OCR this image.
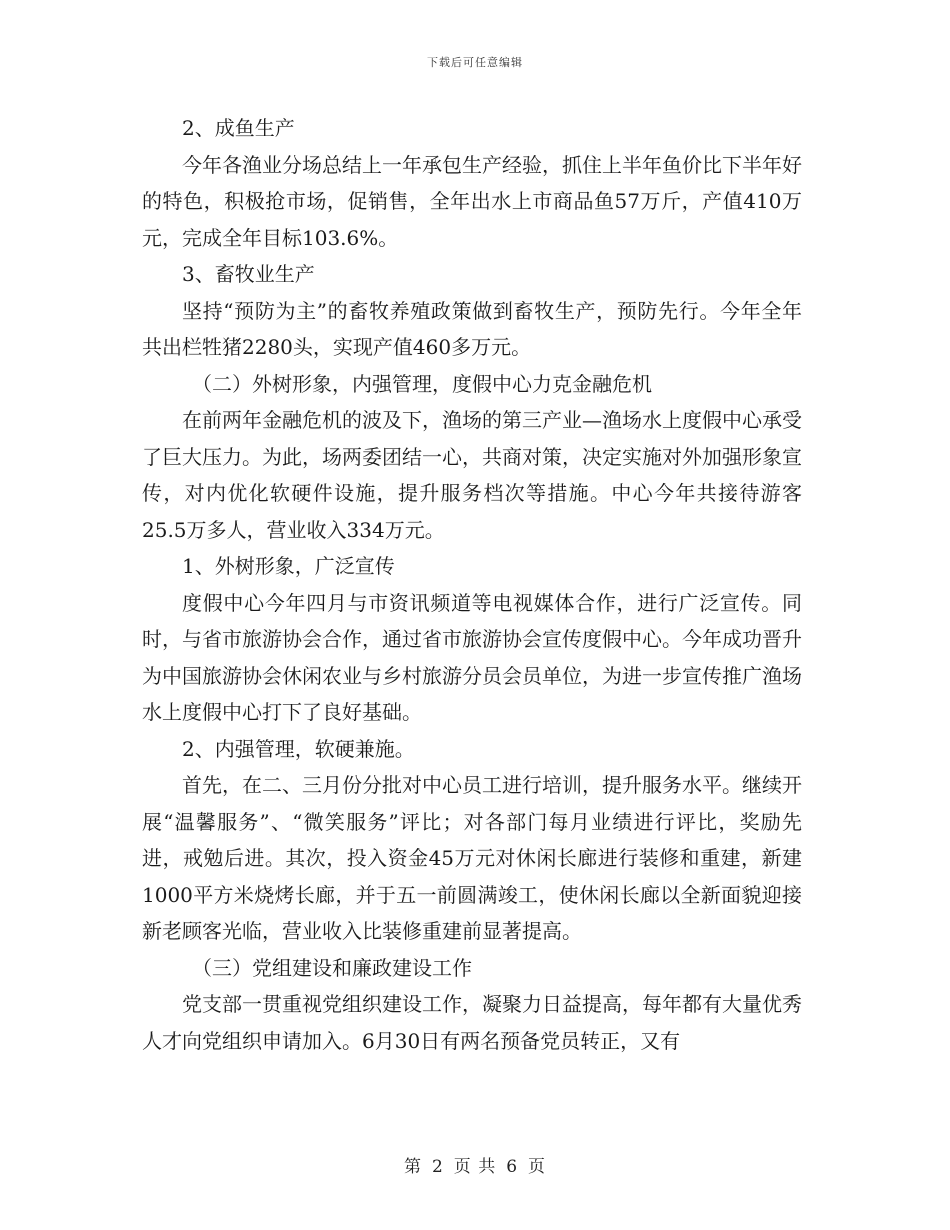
下载后可任意编辑

2、成鱼生产

今年各渔业分场总结上一年承包生产经验，抓住上半年鱼价比下半年好的特色，积极抢市场，促销售，全年出水上市商品鱼57万斤，产值410万元，完成全年目标103.6%。

3、畜牧业生产

坚持“预防为主”的畜牧养殖政策做到畜牧生产，预防先行。今年全年共出栏牲猪2280头，实现产值460多万元。

（二）外树形象，内强管理，度假中心力克金融危机

在前两年金融危机的波及下，渔场的第三产业—渔场水上度假中心承受了巨大压力。为此，场两委团结一心，共商对策，决定实施对外加强形象宣传，对内优化软硬件设施，提升服务档次等措施。中心今年共接待游客25.5万多人，营业收入334万元。

1、外树形象，广泛宣传

度假中心今年四月与市资讯频道等电视媒体合作，进行广泛宣传。同时，与省市旅游协会合作，通过省市旅游协会宣传度假中心。今年成功晋升为中国旅游协会休闲农业与乡村旅游分员会员单位，为进一步宣传推广渔场水上度假中心打下了良好基础。

2、内强管理，软硬兼施。

首先，在二、三月份分批对中心员工进行培训，提升服务水平。继续开展“温馨服务”、“微笑服务”评比；对各部门每月业绩进行评比，奖励先进，戒勉后进。其次，投入资金45万元对休闲长廊进行装修和重建，新建1000平方米烧烤长廊，并于五一前圆满竣工，使休闲长廊以全新面貌迎接新老顾客光临，营业收入比装修重建前显著提高。

（三）党组建设和廉政建设工作

党支部一贯重视党组织建设工作，凝聚力日益提高，每年都有大量优秀人才向党组织申请加入。6月30日有两名预备党员转正，又有

第 2 页 共 6 页
